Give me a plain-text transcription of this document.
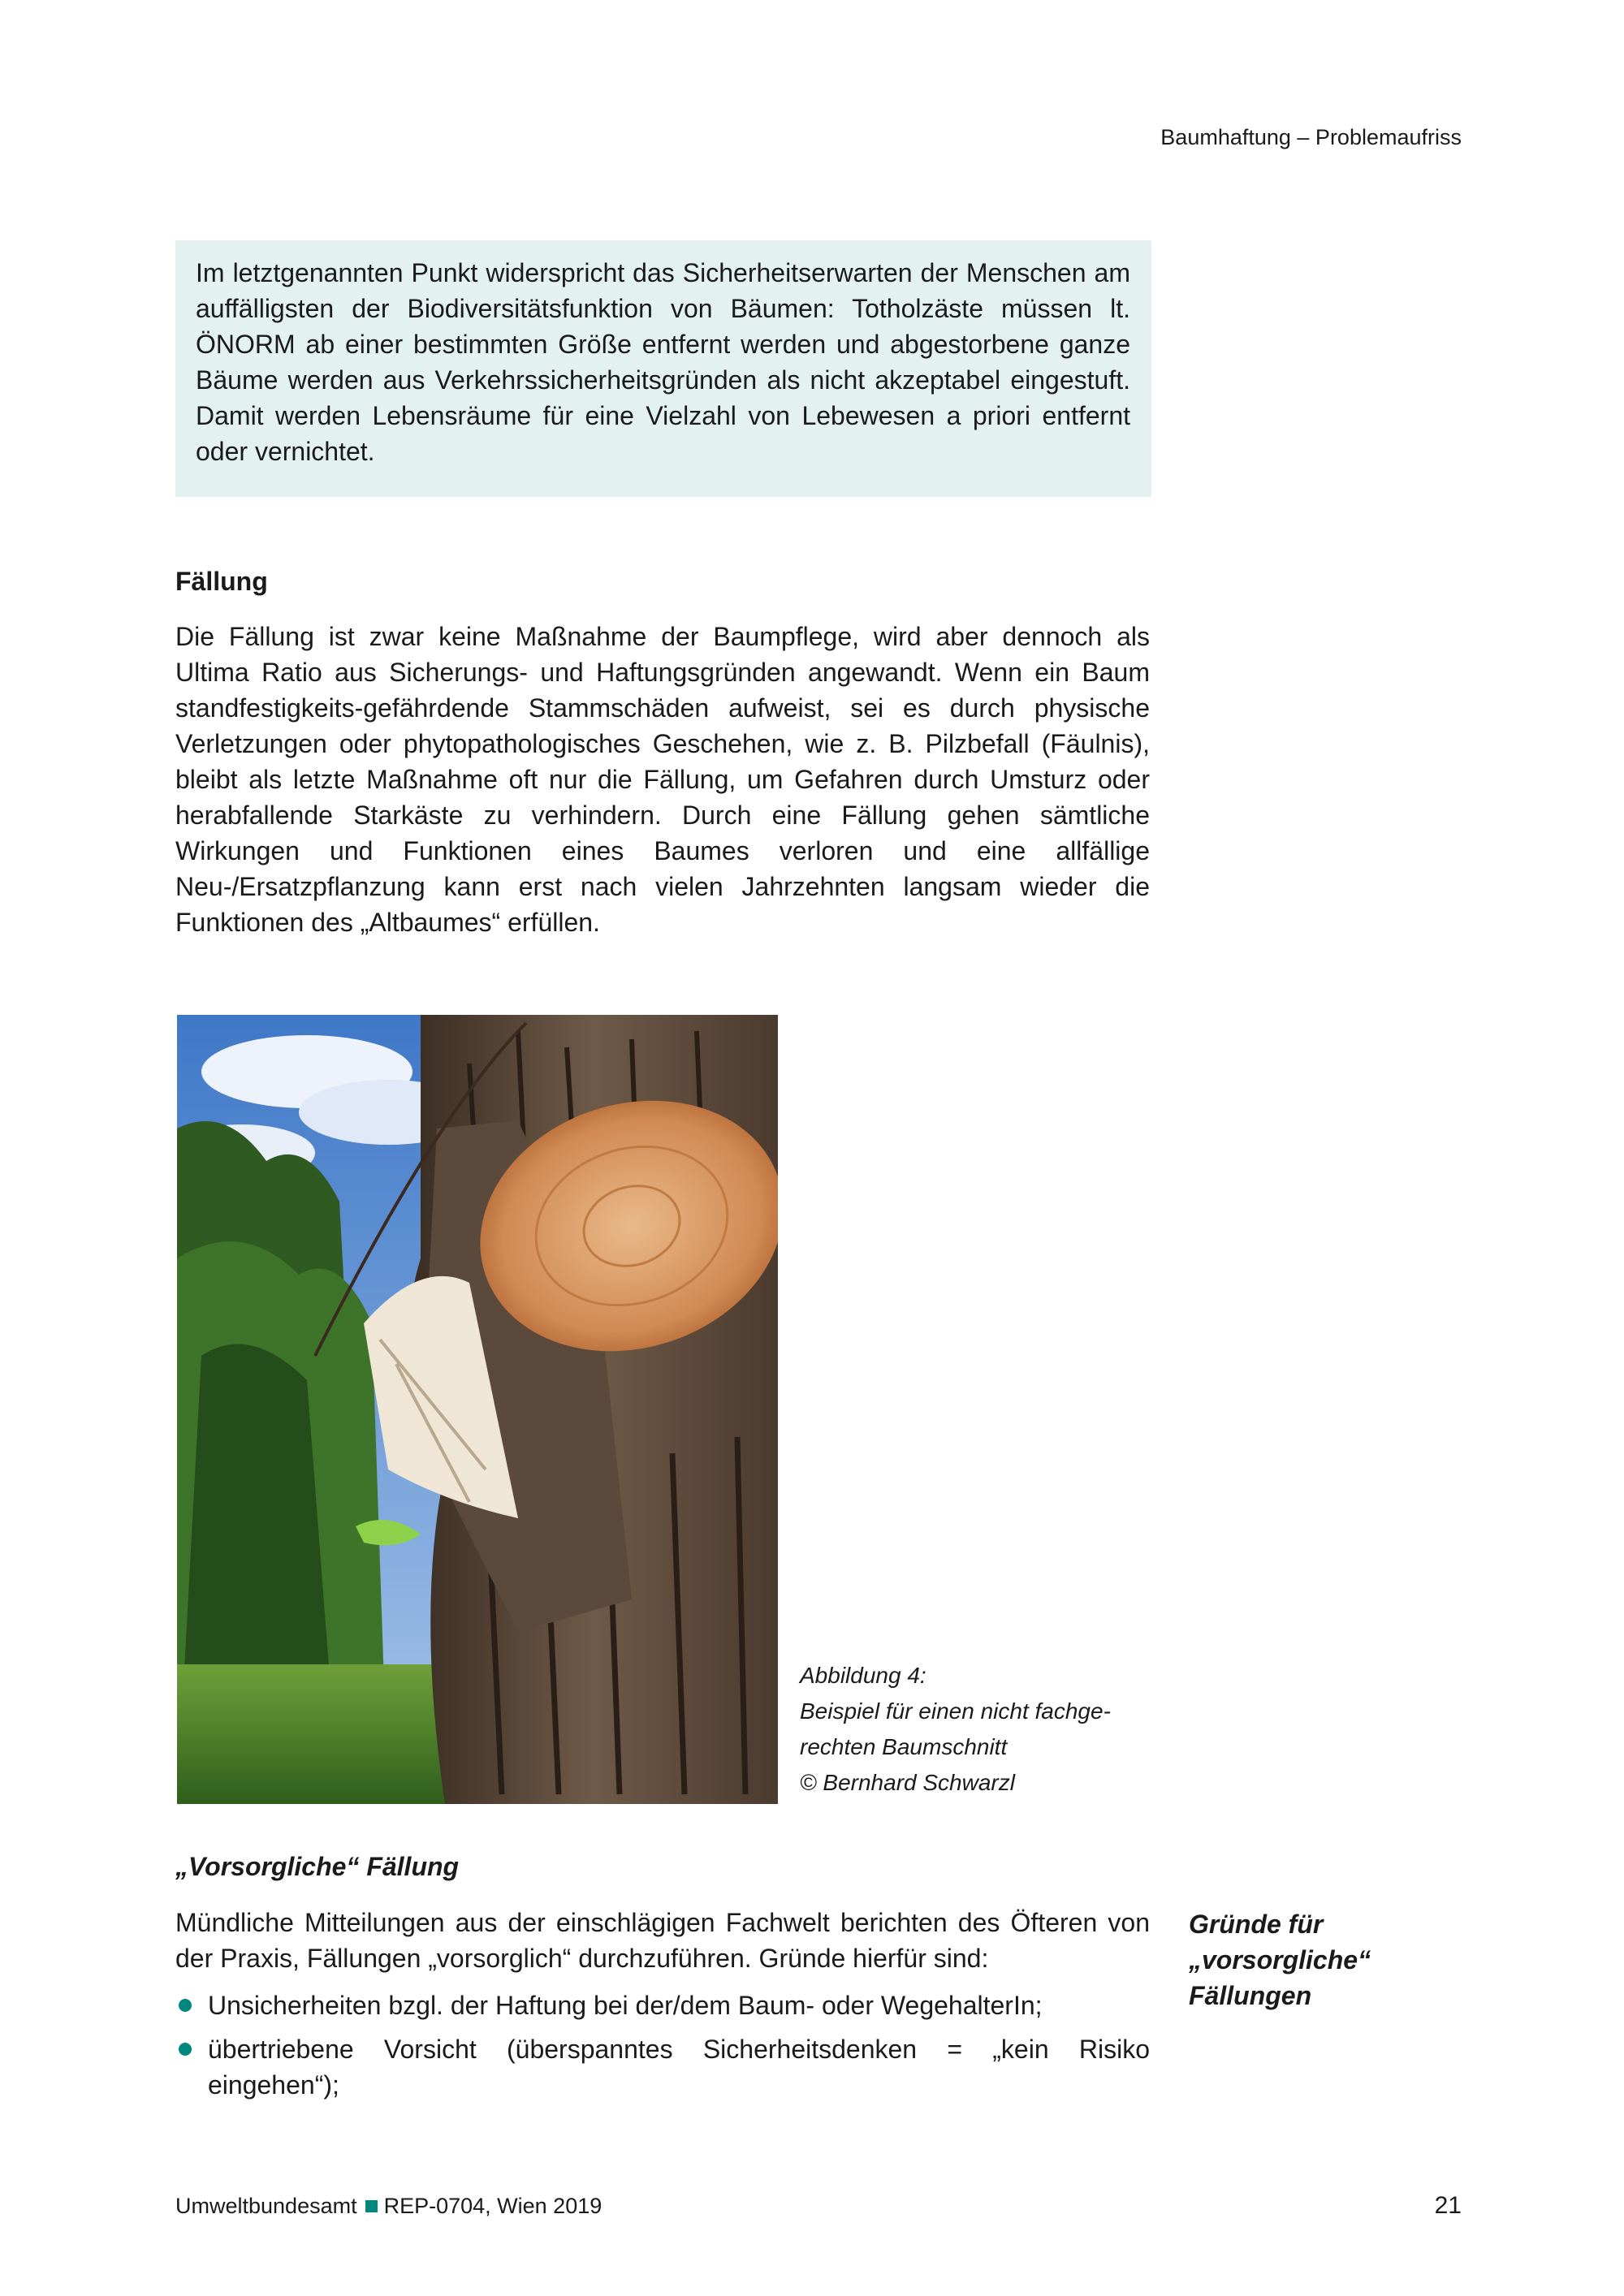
Baumhaftung – Problemaufriss

Im letztgenannten Punkt widerspricht das Sicherheitserwarten der Menschen am auffälligsten der Biodiversitätsfunktion von Bäumen: Totholzäste müssen lt. ÖNORM ab einer bestimmten Größe entfernt werden und abgestorbene ganze Bäume werden aus Verkehrssicherheitsgründen als nicht akzeptabel eingestuft. Damit werden Lebensräume für eine Vielzahl von Lebewesen a priori entfernt oder vernichtet.

Fällung

Die Fällung ist zwar keine Maßnahme der Baumpflege, wird aber dennoch als Ultima Ratio aus Sicherungs- und Haftungsgründen angewandt. Wenn ein Baum standfestigkeits-gefährdende Stammschäden aufweist, sei es durch physische Verletzungen oder phytopathologisches Geschehen, wie z. B. Pilzbefall (Fäulnis), bleibt als letzte Maßnahme oft nur die Fällung, um Gefahren durch Umsturz oder herabfallende Starkäste zu verhindern. Durch eine Fällung gehen sämtliche Wirkungen und Funktionen eines Baumes verloren und eine allfällige Neu-/Ersatzpflanzung kann erst nach vielen Jahrzehnten langsam wieder die Funktionen des „Altbaumes“ erfüllen.

Abbildung 4:
Beispiel für einen nicht fachge-
rechten Baumschnitt
© Bernhard Schwarzl
„Vorsorgliche“ Fällung

Mündliche Mitteilungen aus der einschlägigen Fachwelt berichten des Öfteren von der Praxis, Fällungen „vorsorglich“ durchzuführen. Gründe hierfür sind:

Unsicherheiten bzgl. der Haftung bei der/dem Baum- oder WegehalterIn;
übertriebene Vorsicht (überspanntes Sicherheitsdenken = „kein Risiko eingehen“);
Gründe für
„vorsorgliche“
Fällungen
Umweltbundesamt REP-0704, Wien 2019	21
